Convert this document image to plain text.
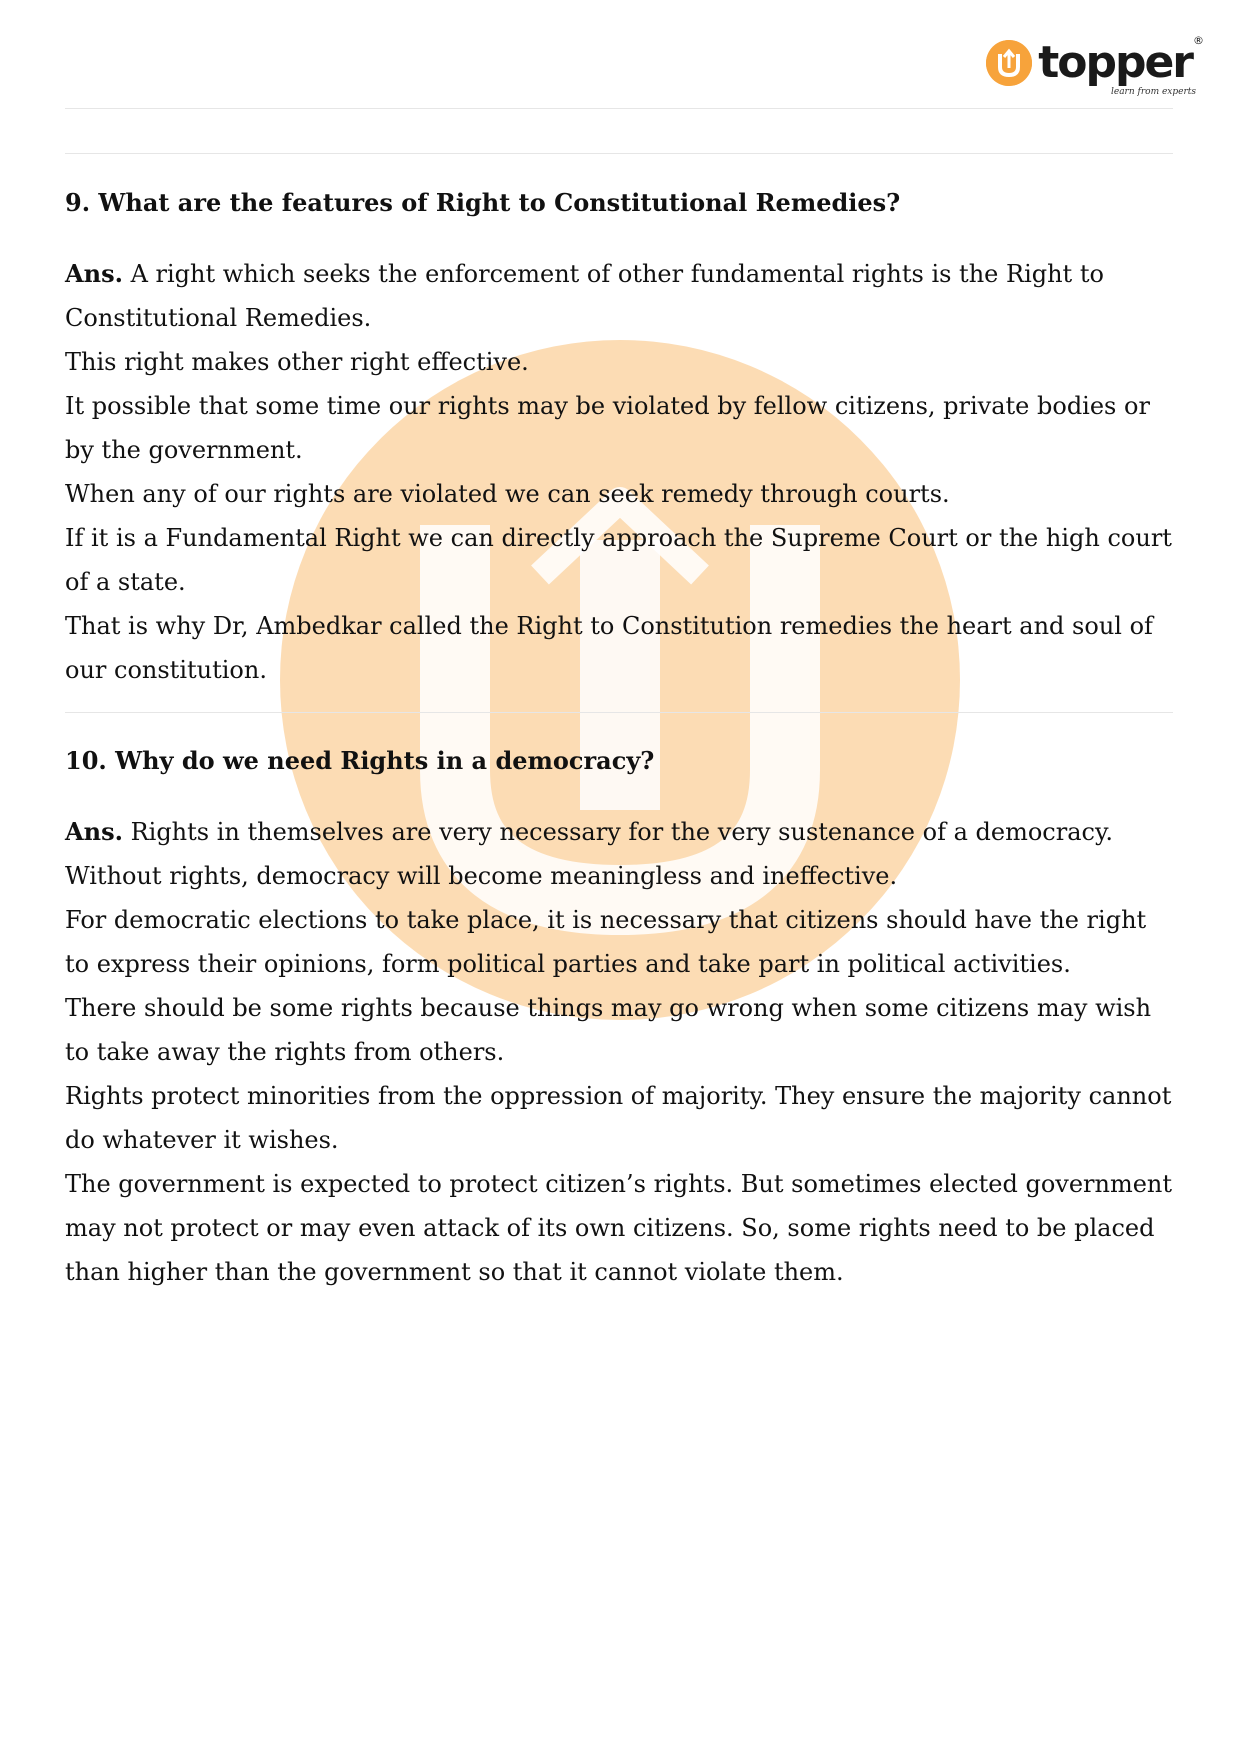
topper ®
learn from experts

9. What are the features of Right to Constitutional Remedies?

Ans. A right which seeks the enforcement of other fundamental rights is the Right to Constitutional Remedies.
This right makes other right effective.
It possible that some time our rights may be violated by fellow citizens, private bodies or by the government.
When any of our rights are violated we can seek remedy through courts.
If it is a Fundamental Right we can directly approach the Supreme Court or the high court of a state.
That is why Dr, Ambedkar called the Right to Constitution remedies the heart and soul of our constitution.

10. Why do we need Rights in a democracy?

Ans. Rights in themselves are very necessary for the very sustenance of a democracy.
Without rights, democracy will become meaningless and ineffective.
For democratic elections to take place, it is necessary that citizens should have the right to express their opinions, form political parties and take part in political activities.
There should be some rights because things may go wrong when some citizens may wish to take away the rights from others.
Rights protect minorities from the oppression of majority. They ensure the majority cannot do whatever it wishes.
The government is expected to protect citizen’s rights. But sometimes elected government may not protect or may even attack of its own citizens. So, some rights need to be placed than higher than the government so that it cannot violate them.
